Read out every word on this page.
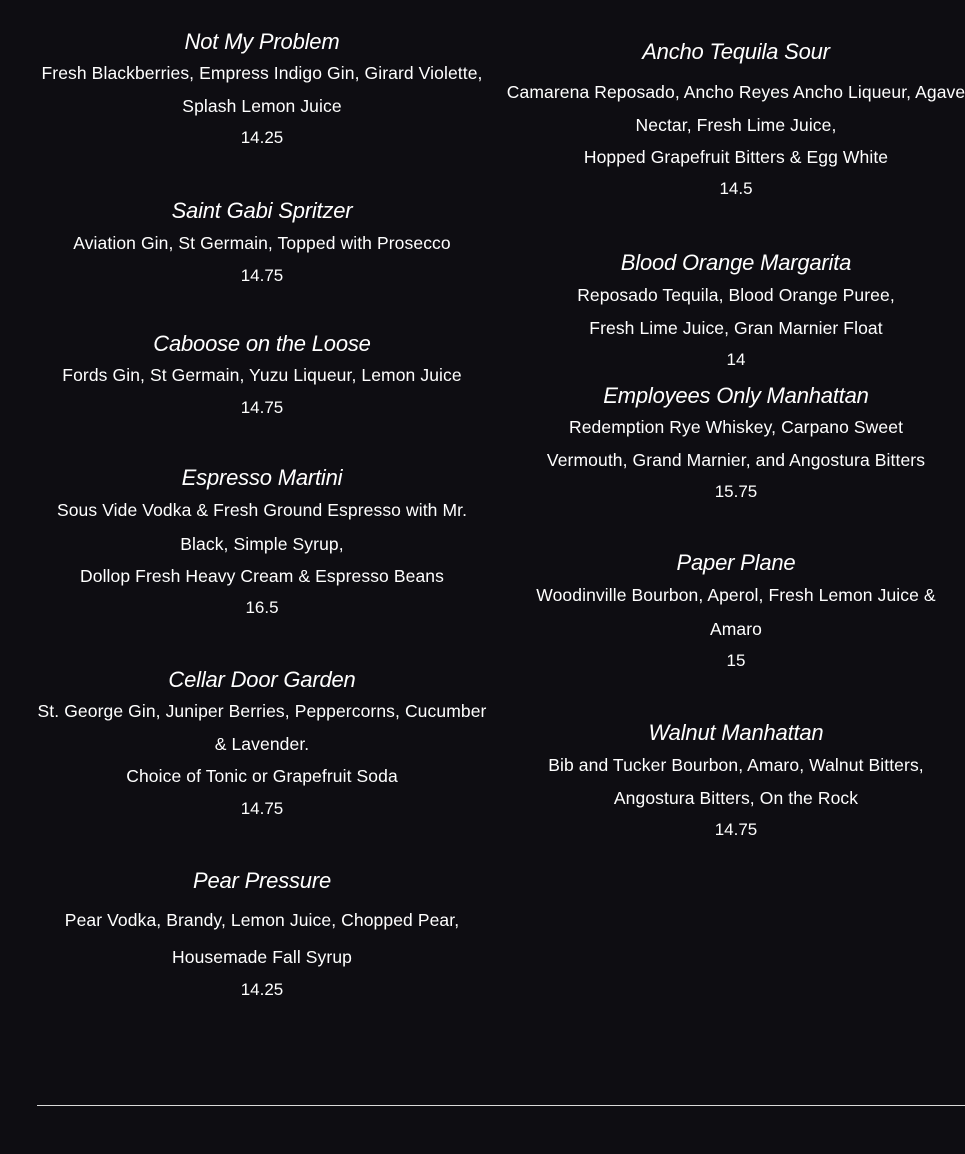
Not My Problem
Fresh Blackberries, Empress Indigo Gin, Girard Violette,
Splash Lemon Juice
14.25
Saint Gabi Spritzer
Aviation Gin, St Germain, Topped with Prosecco
14.75
Caboose on the Loose
Fords Gin, St Germain, Yuzu Liqueur, Lemon Juice
14.75
Espresso Martini
Sous Vide Vodka & Fresh Ground Espresso with Mr.
Black, Simple Syrup,
Dollop Fresh Heavy Cream & Espresso Beans
16.5
Cellar Door Garden
St. George Gin, Juniper Berries, Peppercorns, Cucumber
& Lavender.
Choice of Tonic or Grapefruit Soda
14.75
Pear Pressure
Pear Vodka, Brandy, Lemon Juice, Chopped Pear,
Housemade Fall Syrup
14.25
Ancho Tequila Sour
Camarena Reposado, Ancho Reyes Ancho Liqueur, Agave
Nectar, Fresh Lime Juice,
Hopped Grapefruit Bitters & Egg White
14.5
Blood Orange Margarita
Reposado Tequila, Blood Orange Puree,
Fresh Lime Juice, Gran Marnier Float
14
Employees Only Manhattan
Redemption Rye Whiskey, Carpano Sweet
Vermouth, Grand Marnier, and Angostura Bitters
15.75
Paper Plane
Woodinville Bourbon, Aperol, Fresh Lemon Juice &
Amaro
15
Walnut Manhattan
Bib and Tucker Bourbon, Amaro, Walnut Bitters,
Angostura Bitters, On the Rock
14.75
